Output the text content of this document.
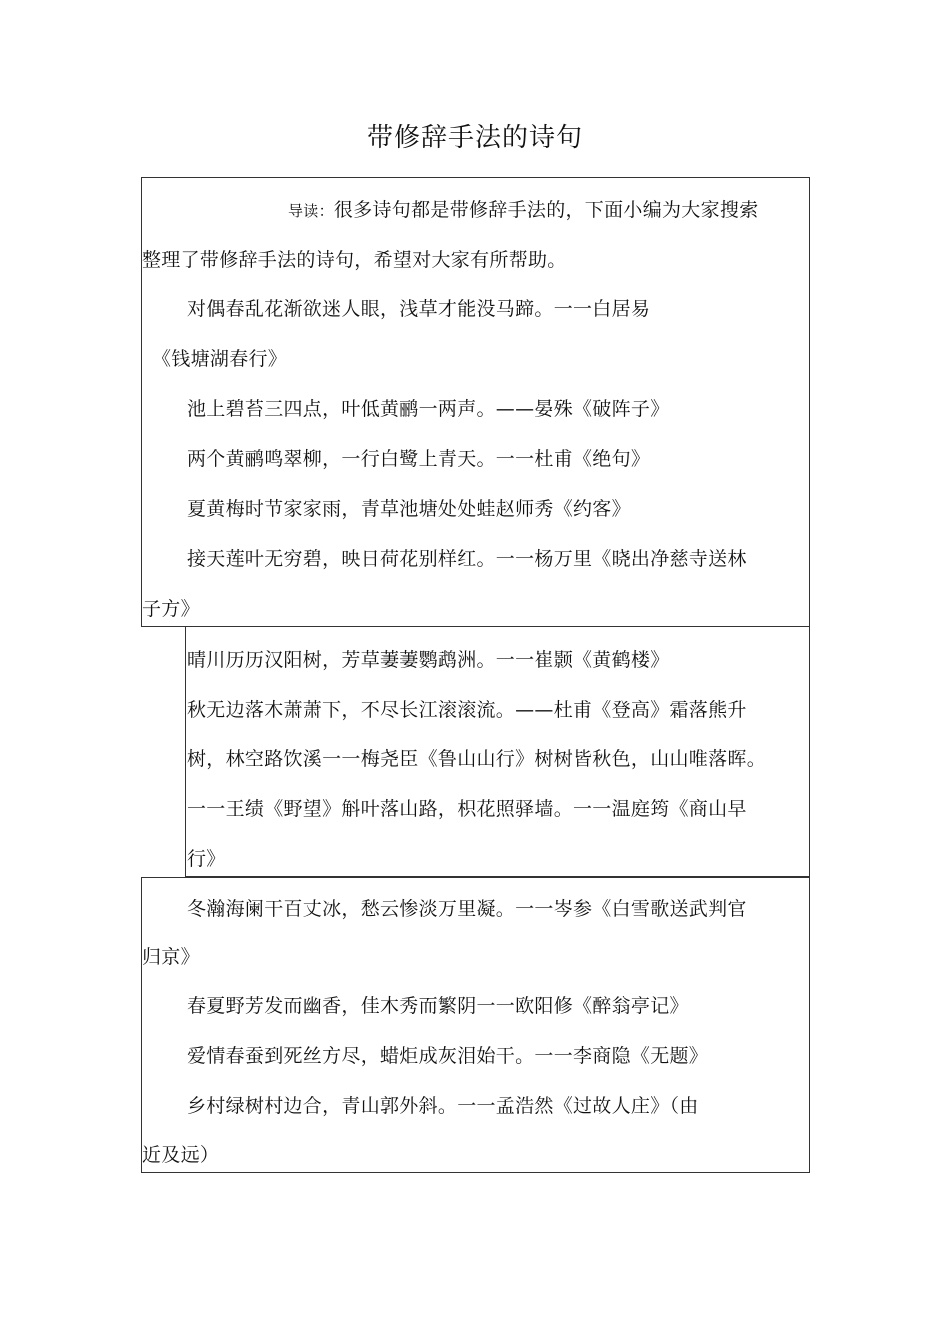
带修辞手法的诗句
导读：很多诗句都是带修辞手法的，下面小编为大家搜索
整理了带修辞手法的诗句，希望对大家有所帮助。
对偶春乱花渐欲迷人眼，浅草才能没马蹄。一一白居易
《钱塘湖春行》
池上碧苔三四点，叶低黄鹂一两声。——晏殊《破阵子》
两个黄鹂鸣翠柳，一行白鹭上青天。一一杜甫《绝句》
夏黄梅时节家家雨，青草池塘处处蛙赵师秀《约客》
接天莲叶无穷碧，映日荷花别样红。一一杨万里《晓出净慈寺送林
子方》
晴川历历汉阳树，芳草萋萋鹦鹉洲。一一崔颢《黄鹤楼》
秋无边落木萧萧下，不尽长江滚滚流。——杜甫《登高》霜落熊升
树，林空路饮溪一一梅尧臣《鲁山山行》树树皆秋色，山山唯落晖。
一一王绩《野望》斛叶落山路，枳花照驿墙。一一温庭筠《商山早
行》
冬瀚海阑干百丈冰，愁云惨淡万里凝。一一岑参《白雪歌送武判官
归京》
春夏野芳发而幽香，佳木秀而繁阴一一欧阳修《醉翁亭记》
爱情春蚕到死丝方尽，蜡炬成灰泪始干。一一李商隐《无题》
乡村绿树村边合，青山郭外斜。一一孟浩然《过故人庄》（由
近及远）
